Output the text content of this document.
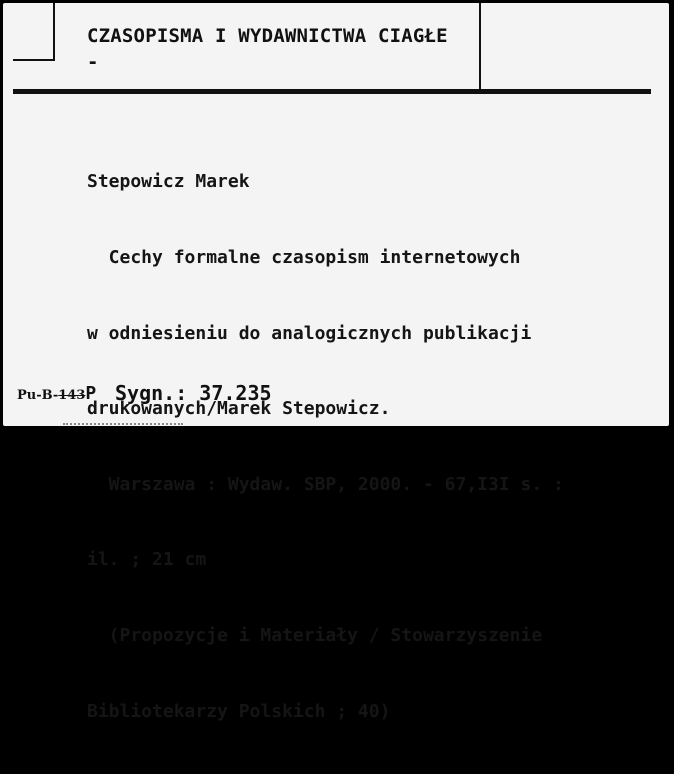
CZASOPISMA I WYDAWNICTWA CIAGŁE
-

Stepowicz Marek

Cechy formalne czasopism internetowych

w odniesieniu do analogicznych publikacji

drukowanych/Marek Stepowicz.

Warszawa : Wydaw. SBP, 2000. - 67,I3I s. :

il. ; 21 cm

(Propozycje i Materiały / Stowarzyszenie

Bibliotekarzy Polskich ; 40)

Pu-B-143P Sygn.: 37.235
